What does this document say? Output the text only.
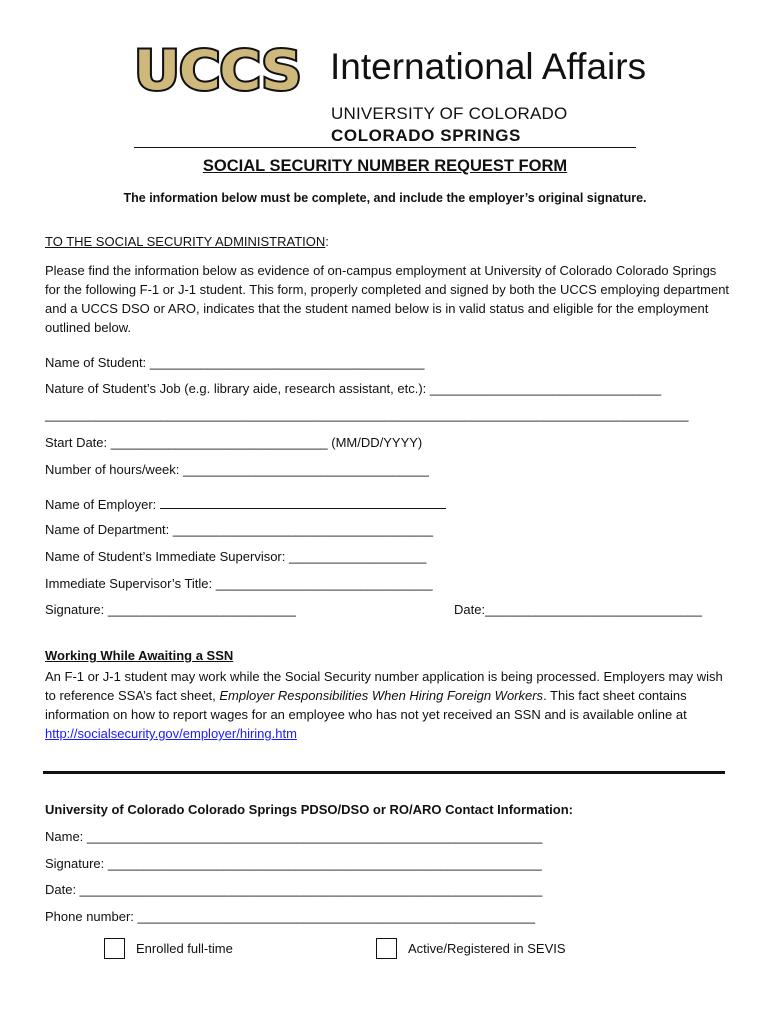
UCCS International Affairs
UNIVERSITY OF COLORADO
COLORADO SPRINGS
SOCIAL SECURITY NUMBER REQUEST FORM
The information below must be complete, and include the employer’s original signature.
TO THE SOCIAL SECURITY ADMINISTRATION:
Please find the information below as evidence of on-campus employment at University of Colorado Colorado Springs for the following F-1 or J-1 student. This form, properly completed and signed by both the UCCS employing department and a UCCS DSO or ARO, indicates that the student named below is in valid status and eligible for the employment outlined below.
Name of Student: ______________________________________
Nature of Student’s Job (e.g. library aide, research assistant, etc.): ________________________________
_________________________________________________________________________________________
Start Date: ______________________________ (MM/DD/YYYY)
Number of hours/week: __________________________________
Name of Employer:
Name of Department: ____________________________________
Name of Student’s Immediate Supervisor: ___________________
Immediate Supervisor’s Title: ______________________________
Signature: __________________________	Date:______________________________
Working While Awaiting a SSN
An F-1 or J-1 student may work while the Social Security number application is being processed. Employers may wish to reference SSA’s fact sheet, Employer Responsibilities When Hiring Foreign Workers. This fact sheet contains information on how to report wages for an employee who has not yet received an SSN and is available online at http://socialsecurity.gov/employer/hiring.htm
University of Colorado Colorado Springs PDSO/DSO or RO/ARO Contact Information:
Name: _______________________________________________________________
Signature: ____________________________________________________________
Date: ________________________________________________________________
Phone number: _______________________________________________________
Enrolled full-time	Active/Registered in SEVIS
